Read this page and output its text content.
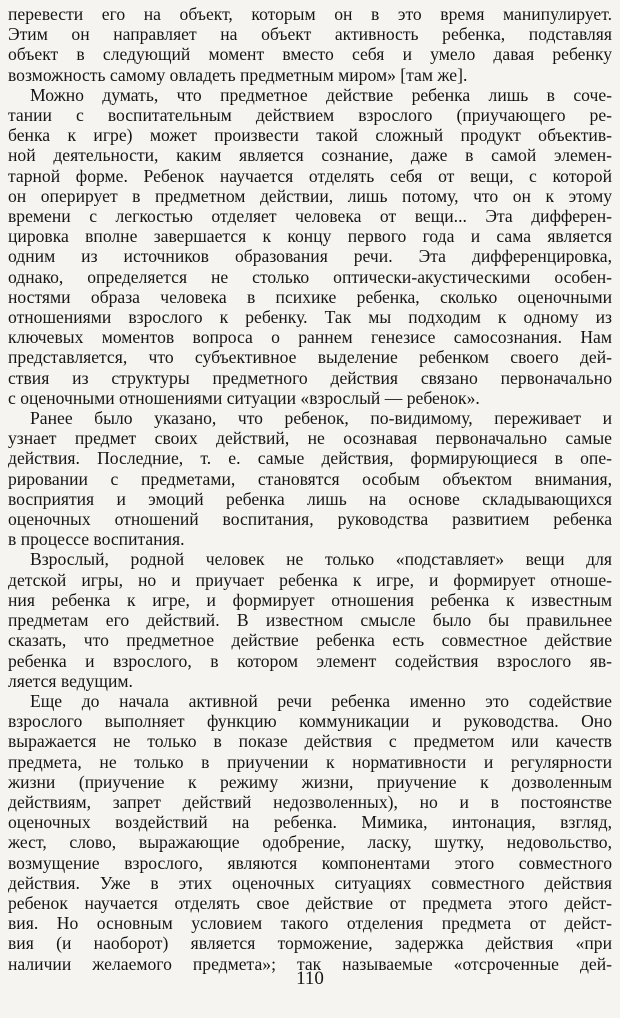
перевести его на объект, которым он в это время манипулирует.
Этим он направляет на объект активность ребенка, подставляя
объект в следующий момент вместо себя и умело давая ребенку
возможность самому овладеть предметным миром» [там же].
Можно думать, что предметное действие ребенка лишь в соче-
тании с воспитательным действием взрослого (приучающего ре-
бенка к игре) может произвести такой сложный продукт объектив-
ной деятельности, каким является сознание, даже в самой элемен-
тарной форме. Ребенок научается отделять себя от вещи, с которой
он оперирует в предметном действии, лишь потому, что он к этому
времени с легкостью отделяет человека от вещи... Эта дифферен-
цировка вполне завершается к концу первого года и сама является
одним из источников образования речи. Эта дифференцировка,
однако, определяется не столько оптически-акустическими особен-
ностями образа человека в психике ребенка, сколько оценочными
отношениями взрослого к ребенку. Так мы подходим к одному из
ключевых моментов вопроса о раннем генезисе самосознания. Нам
представляется, что субъективное выделение ребенком своего дей-
ствия из структуры предметного действия связано первоначально
с оценочными отношениями ситуации «взрослый — ребенок».
Ранее было указано, что ребенок, по-видимому, переживает и
узнает предмет своих действий, не осознавая первоначально самые
действия. Последние, т. е. самые действия, формирующиеся в опе-
рировании с предметами, становятся особым объектом внимания,
восприятия и эмоций ребенка лишь на основе складывающихся
оценочных отношений воспитания, руководства развитием ребенка
в процессе воспитания.
Взрослый, родной человек не только «подставляет» вещи для
детской игры, но и приучает ребенка к игре, и формирует отноше-
ния ребенка к игре, и формирует отношения ребенка к известным
предметам его действий. В известном смысле было бы правильнее
сказать, что предметное действие ребенка есть совместное действие
ребенка и взрослого, в котором элемент содействия взрослого яв-
ляется ведущим.
Еще до начала активной речи ребенка именно это содействие
взрослого выполняет функцию коммуникации и руководства. Оно
выражается не только в показе действия с предметом или качеств
предмета, не только в приучении к нормативности и регулярности
жизни (приучение к режиму жизни, приучение к дозволенным
действиям, запрет действий недозволенных), но и в постоянстве
оценочных воздействий на ребенка. Мимика, интонация, взгляд,
жест, слово, выражающие одобрение, ласку, шутку, недовольство,
возмущение взрослого, являются компонентами этого совместного
действия. Уже в этих оценочных ситуациях совместного действия
ребенок научается отделять свое действие от предмета этого дейст-
вия. Но основным условием такого отделения предмета от дейст-
вия (и наоборот) является торможение, задержка действия «при
наличии желаемого предмета»; так называемые «отсроченные дей-
110
